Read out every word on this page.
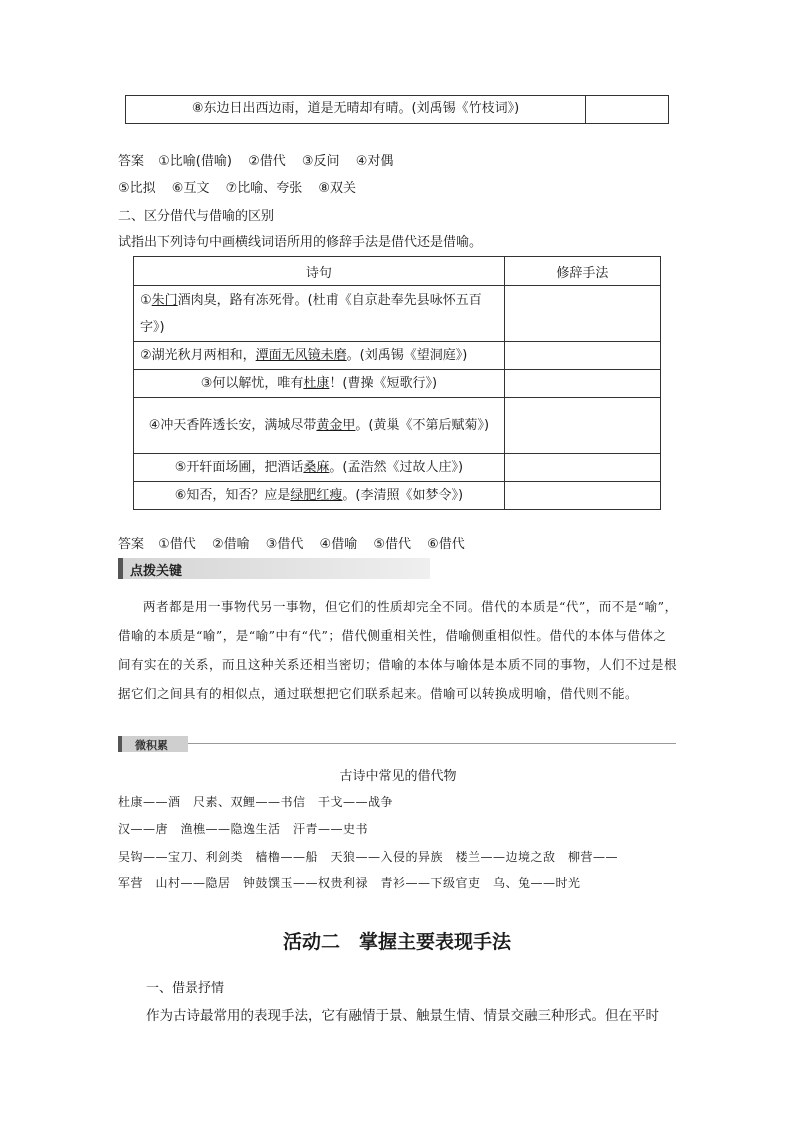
⑧东边日出西边雨，道是无晴却有晴。(刘禹锡《竹枝词》)
答案 ①比喻(借喻) ②借代 ③反问 ④对偶
⑤比拟 ⑥互文 ⑦比喻、夸张 ⑧双关
二、区分借代与借喻的区别
试指出下列诗句中画横线词语所用的修辞手法是借代还是借喻。
诗句	修辞手法
①朱门酒肉臭，路有冻死骨。(杜甫《自京赴奉先县咏怀五百字》)	
②湖光秋月两相和，潭面无风镜未磨。(刘禹锡《望洞庭》)	
③何以解忧，唯有杜康！(曹操《短歌行》)	
④冲天香阵透长安，满城尽带黄金甲。(黄巢《不第后赋菊》)	
⑤开轩面场圃，把酒话桑麻。(孟浩然《过故人庄》)	
⑥知否，知否？应是绿肥红瘦。(李清照《如梦令》)	
答案 ①借代 ②借喻 ③借代 ④借喻 ⑤借代 ⑥借代
点拨关键
两者都是用一事物代另一事物，但它们的性质却完全不同。借代的本质是“代”，而不是“喻”，借喻的本质是“喻”，是“喻”中有“代”；借代侧重相关性，借喻侧重相似性。借代的本体与借体之间有实在的关系，而且这种关系还相当密切；借喻的本体与喻体是本质不同的事物，人们不过是根据它们之间具有的相似点，通过联想把它们联系起来。借喻可以转换成明喻，借代则不能。
微积累
古诗中常见的借代物
杜康——酒　尺素、双鲤——书信　干戈——战争
汉——唐　渔樵——隐逸生活　汗青——史书
吴钩——宝刀、利剑类　樯橹——船　天狼——入侵的异族　楼兰——边境之敌　柳营——
军营　山村——隐居　钟鼓馔玉——权贵利禄　青衫——下级官吏　乌、兔——时光
活动二　掌握主要表现手法
一、借景抒情
作为古诗最常用的表现手法，它有融情于景、触景生情、情景交融三种形式。但在平时
